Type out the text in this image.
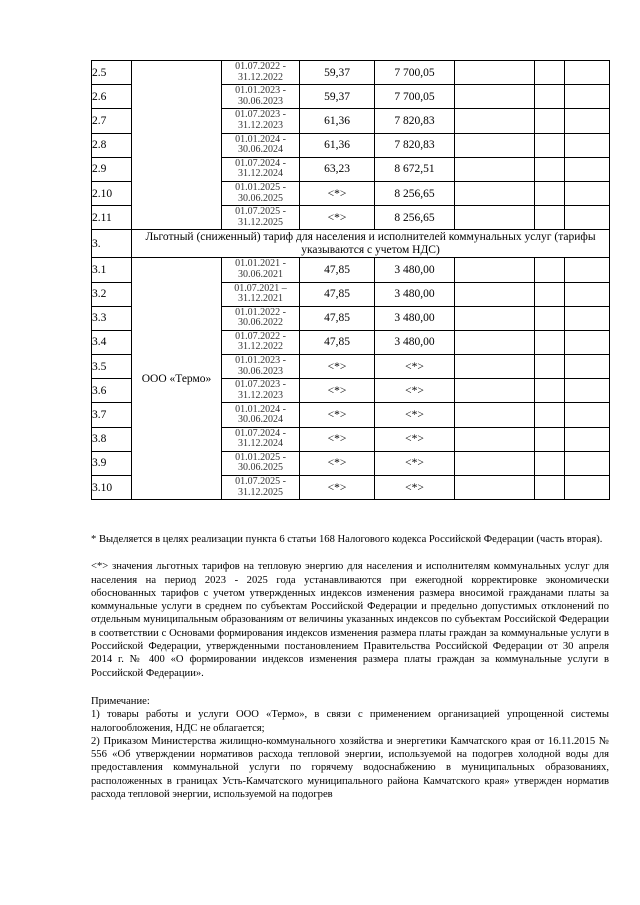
2.5		01.07.2022 - 31.12.2022	59,37	7 700,05			
2.6		01.01.2023 - 30.06.2023	59,37	7 700,05			
2.7		01.07.2023 - 31.12.2023	61,36	7 820,83			
2.8		01.01.2024 - 30.06.2024	61,36	7 820,83			
2.9		01.07.2024 - 31.12.2024	63,23	8 672,51			
2.10		01.01.2025 - 30.06.2025	<*>	8 256,65			
2.11		01.07.2025 - 31.12.2025	<*>	8 256,65			
3.	Льготный (сниженный) тариф для населения и исполнителей коммунальных услуг (тарифы указываются с учетом НДС)						
3.1	ООО «Термо»	01.01.2021 - 30.06.2021	47,85	3 480,00			
3.2		01.07.2021 – 31.12.2021	47,85	3 480,00			
3.3		01.01.2022 - 30.06.2022	47,85	3 480,00			
3.4		01.07.2022 - 31.12.2022	47,85	3 480,00			
3.5		01.01.2023 - 30.06.2023	<*>	<*>			
3.6		01.07.2023 - 31.12.2023	<*>	<*>			
3.7		01.01.2024 - 30.06.2024	<*>	<*>			
3.8		01.07.2024 - 31.12.2024	<*>	<*>			
3.9		01.01.2025 - 30.06.2025	<*>	<*>			
3.10		01.07.2025 - 31.12.2025	<*>	<*>			

* Выделяется в целях реализации пункта 6 статьи 168 Налогового кодекса Российской Федерации (часть вторая).

<*> значения льготных тарифов на тепловую энергию для населения и исполнителям коммунальных услуг для населения на период 2023 - 2025 года устанавливаются при ежегодной корректировке экономически обоснованных тарифов с учетом утвержденных индексов изменения размера вносимой гражданами платы за коммунальные услуги в среднем по субъектам Российской Федерации и предельно допустимых отклонений по отдельным муниципальным образованиям от величины указанных индексов по субъектам Российской Федерации в соответствии с Основами формирования индексов изменения размера платы граждан за коммунальные услуги в Российской Федерации, утвержденными постановлением Правительства Российской Федерации от 30 апреля 2014 г. № 400 «О формировании индексов изменения размера платы граждан за коммунальные услуги в Российской Федерации».

Примечание:

1) товары работы и услуги ООО «Термо», в связи с применением организацией упрощенной системы налогообложения, НДС не облагается;

2) Приказом Министерства жилищно-коммунального хозяйства и энергетики Камчатского края от 16.11.2015 № 556 «Об утверждении нормативов расхода тепловой энергии, используемой на подогрев холодной воды для предоставления коммунальной услуги по горячему водоснабжению в муниципальных образованиях, расположенных в границах Усть-Камчатского муниципального района Камчатского края» утвержден норматив расхода тепловой энергии, используемой на подогрев
